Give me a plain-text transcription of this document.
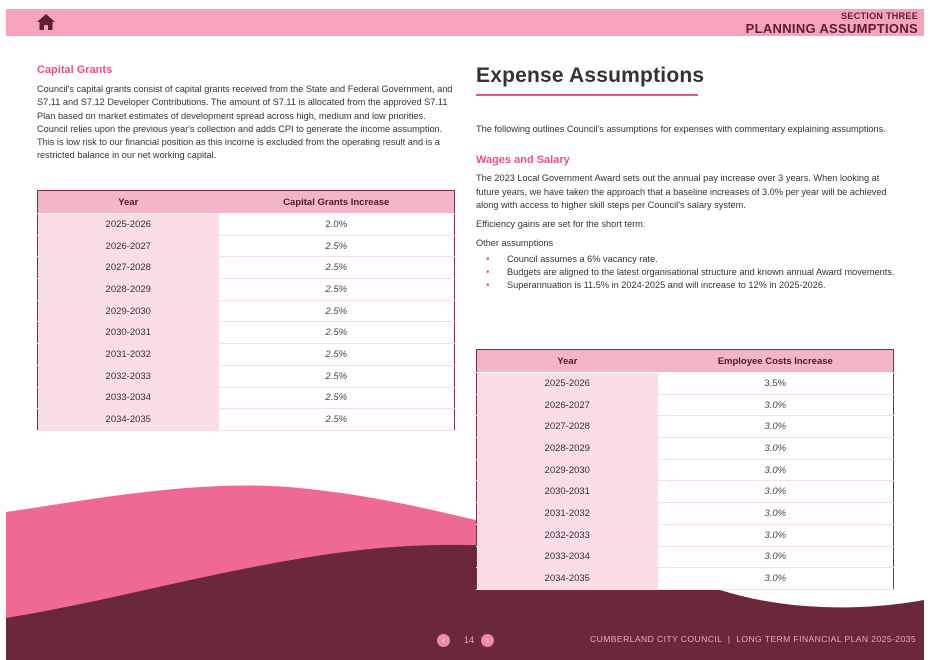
SECTION THREE
PLANNING ASSUMPTIONS
Capital Grants

Council's capital grants consist of capital grants received from the State and Federal Government, and S7.11 and S7.12 Developer Contributions. The amount of S7.11 is allocated from the approved S7.11 Plan based on market estimates of development spread across high, medium and low priorities. Council relies upon the previous year's collection and adds CPI to generate the income assumption. This is low risk to our financial position as this income is excluded from the operating result and is a restricted balance in our net working capital.

Year	Capital Grants Increase
2025-2026	2.0%
2026-2027	2.5%
2027-2028	2.5%
2028-2029	2.5%
2029-2030	2.5%
2030-2031	2.5%
2031-2032	2.5%
2032-2033	2.5%
2033-2034	2.5%
2034-2035	2.5%
Expense Assumptions

The following outlines Council's assumptions for expenses with commentary explaining assumptions.

Wages and Salary

The 2023 Local Government Award sets out the annual pay increase over 3 years. When looking at future years, we have taken the approach that a baseline increases of 3.0% per year will be achieved along with access to higher skill steps per Council's salary system.

Efficiency gains are set for the short term.

Other assumptions

• Council assumes a 6% vacancy rate.
• Budgets are aligned to the latest organisational structure and known annual Award movements.
• Superannuation is 11.5% in 2024-2025 and will increase to 12% in 2025-2026.
Year	Employee Costs Increase
2025-2026	3.5%
2026-2027	3.0%
2027-2028	3.0%
2028-2029	3.0%
2029-2030	3.0%
2030-2031	3.0%
2031-2032	3.0%
2032-2033	3.0%
2033-2034	3.0%
2034-2035	3.0%
‹	14	›	CUMBERLAND CITY COUNCIL | LONG TERM FINANCIAL PLAN 2025-2035
